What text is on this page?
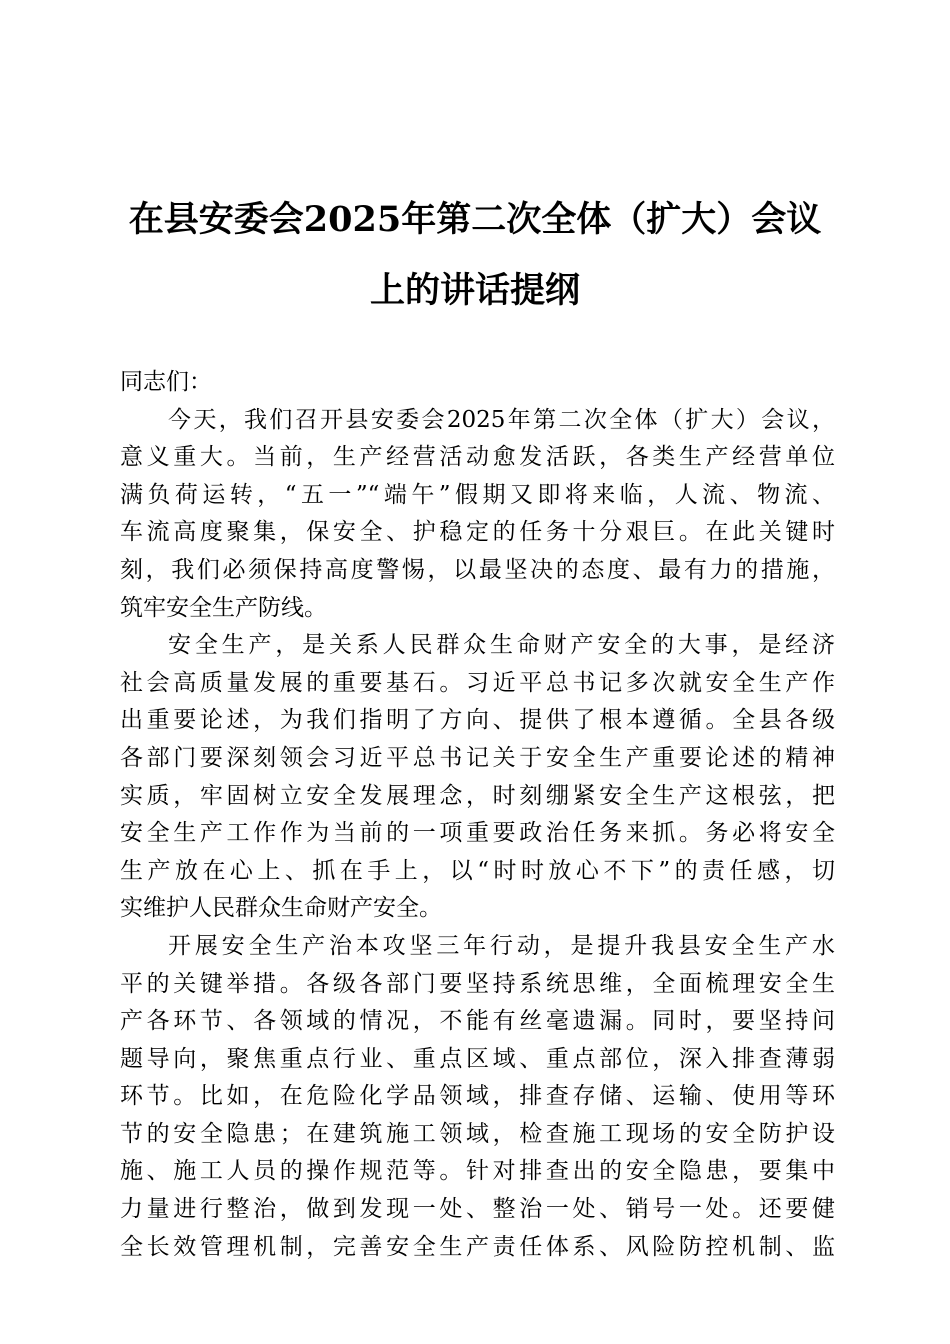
在县安委会2025年第二次全体（扩大）会议
上的讲话提纲
同志们：
今天，我们召开县安委会2025年第二次全体（扩大）会议，
意义重大。当前，生产经营活动愈发活跃，各类生产经营单位
满负荷运转，“五一”“端午”假期又即将来临，人流、物流、
车流高度聚集，保安全、护稳定的任务十分艰巨。在此关键时
刻，我们必须保持高度警惕，以最坚决的态度、最有力的措施，
筑牢安全生产防线。
安全生产，是关系人民群众生命财产安全的大事，是经济
社会高质量发展的重要基石。习近平总书记多次就安全生产作
出重要论述，为我们指明了方向、提供了根本遵循。全县各级
各部门要深刻领会习近平总书记关于安全生产重要论述的精神
实质，牢固树立安全发展理念，时刻绷紧安全生产这根弦，把
安全生产工作作为当前的一项重要政治任务来抓。务必将安全
生产放在心上、抓在手上，以“时时放心不下”的责任感，切
实维护人民群众生命财产安全。
开展安全生产治本攻坚三年行动，是提升我县安全生产水
平的关键举措。各级各部门要坚持系统思维，全面梳理安全生
产各环节、各领域的情况，不能有丝毫遗漏。同时，要坚持问
题导向，聚焦重点行业、重点区域、重点部位，深入排查薄弱
环节。比如，在危险化学品领域，排查存储、运输、使用等环
节的安全隐患；在建筑施工领域，检查施工现场的安全防护设
施、施工人员的操作规范等。针对排查出的安全隐患，要集中
力量进行整治，做到发现一处、整治一处、销号一处。还要健
全长效管理机制，完善安全生产责任体系、风险防控机制、监
